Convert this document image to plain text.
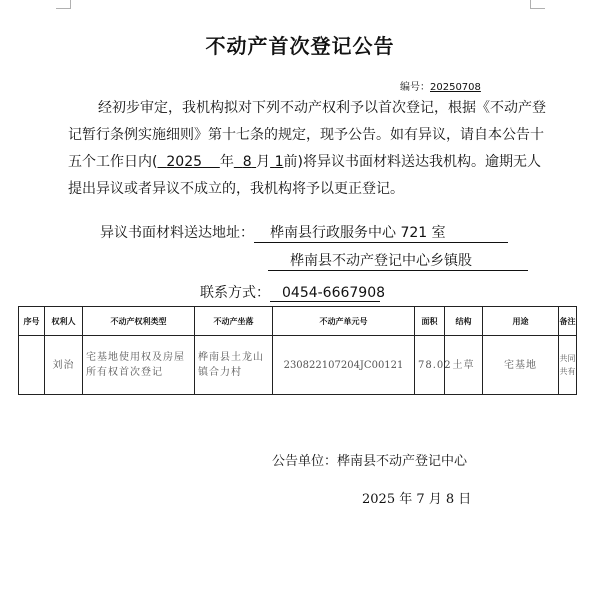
不动产首次登记公告
编号：20250708
经初步审定，我机构拟对下列不动产权利予以首次登记，根据《不动产登记暂行条例实施细则》第十七条的规定，现予公告。如有异议，请自本公告十五个工作日内( 2025 年 8 月 1前)将异议书面材料送达我机构。逾期无人提出异议或者异议不成立的，我机构将予以更正登记。
异议书面材料送达地址： 桦南县行政服务中心 721 室
桦南县不动产登记中心乡镇股
联系方式： 0454-6667908
序号	权利人	不动产权利类型	不动产坐落	不动产单元号	面积	结构	用途	备注
	刘治	宅基地使用权及房屋所有权首次登记	桦南县土龙山镇合力村	230822107204JC00121	78.02	土草	宅基地	共同共有
公告单位：桦南县不动产登记中心
2025 年 7 月 8 日
